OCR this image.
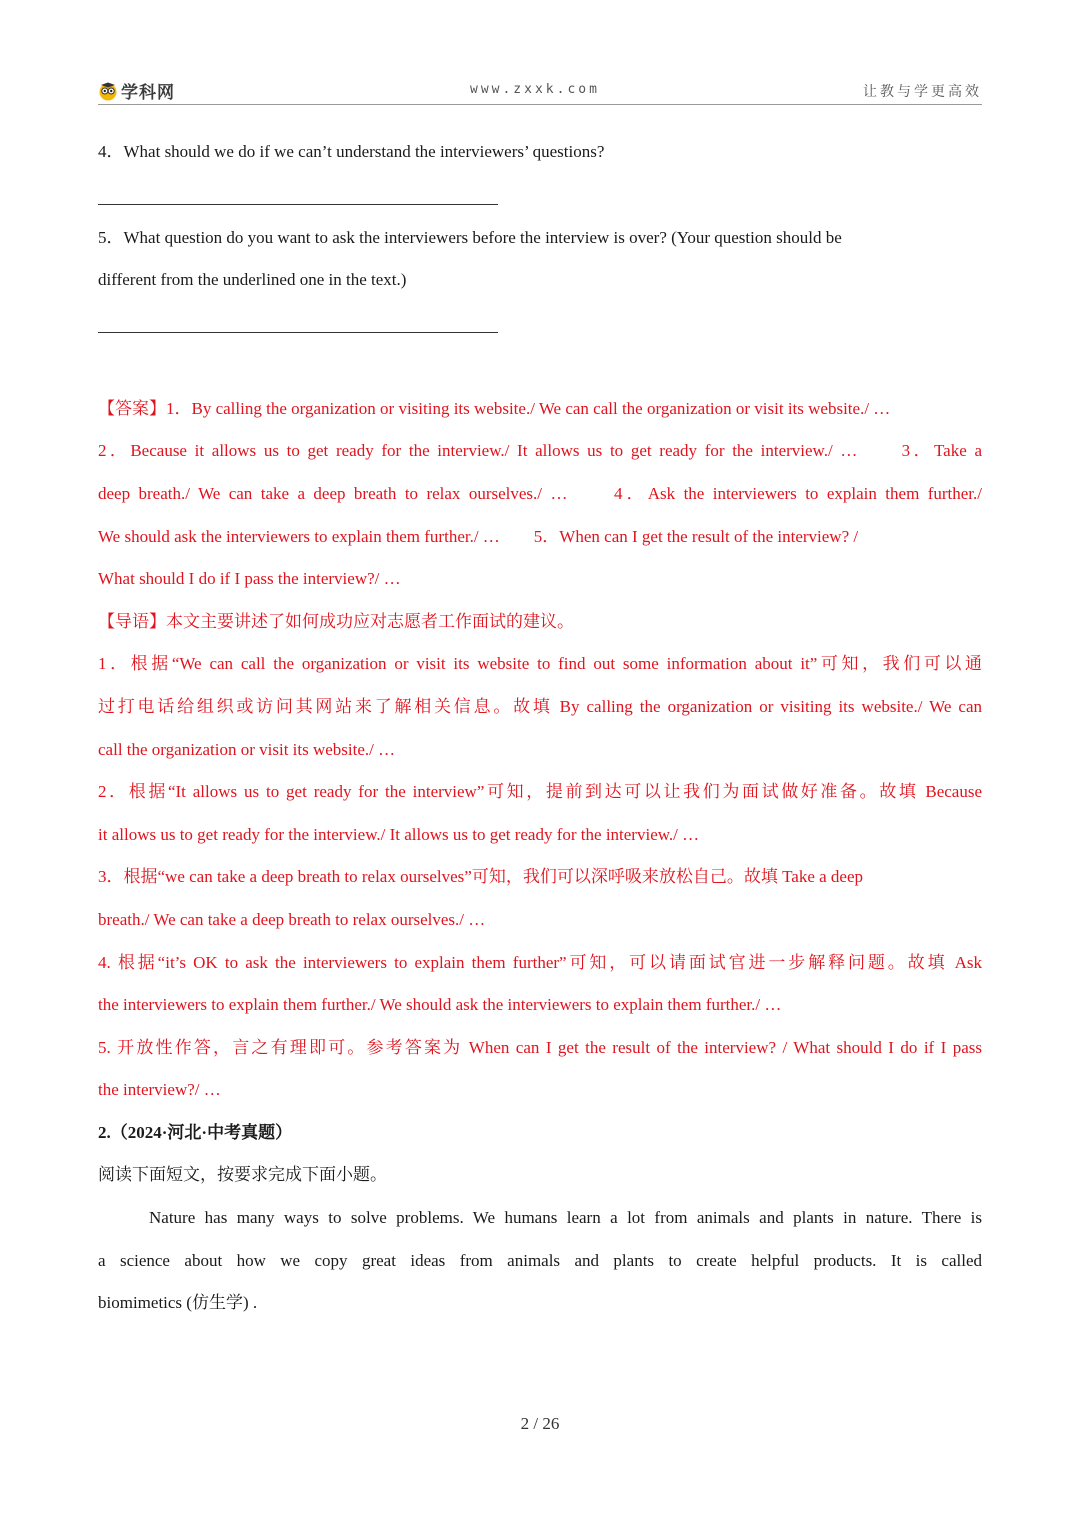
学科网	www.zxxk.com	让教与学更高效
4．What should we do if we can’t understand the interviewers’ questions?
5．What question do you want to ask the interviewers before the interview is over? (Your question should be
different from the underlined one in the text.)
【答案】1．By calling the organization or visiting its website./ We can call the organization or visit its website./ …
2．Because it allows us to get ready for the interview./ It allows us to get ready for the interview./ …　　3．Take a
deep breath./ We can take a deep breath to relax ourselves./ …　　4．Ask the interviewers to explain them further./
We should ask the interviewers to explain them further./ …　　5．When can I get the result of the interview? /
What should I do if I pass the interview?/ …
【导语】本文主要讲述了如何成功应对志愿者工作面试的建议。
1．根据“We can call the organization or visit its website to find out some information about it”可知，我们可以通
过打电话给组织或访问其网站来了解相关信息。故填 By calling the organization or visiting its website./ We can
call the organization or visit its website./ …
2．根据“It allows us to get ready for the interview”可知，提前到达可以让我们为面试做好准备。故填 Because
it allows us to get ready for the interview./ It allows us to get ready for the interview./ …
3．根据“we can take a deep breath to relax ourselves”可知，我们可以深呼吸来放松自己。故填 Take a deep
breath./ We can take a deep breath to relax ourselves./ …
4. 根据“it’s OK to ask the interviewers to explain them further”可知，可以请面试官进一步解释问题。故填 Ask
the interviewers to explain them further./ We should ask the interviewers to explain them further./ …
5. 开放性作答，言之有理即可。参考答案为 When can I get the result of the interview? / What should I do if I pass
the interview?/ …
2.（2024·河北·中考真题）
阅读下面短文，按要求完成下面小题。
Nature has many ways to solve problems. We humans learn a lot from animals and plants in nature. There is
a science about how we copy great ideas from animals and plants to create helpful products. It is called
biomimetics (仿生学) .
2 / 26
